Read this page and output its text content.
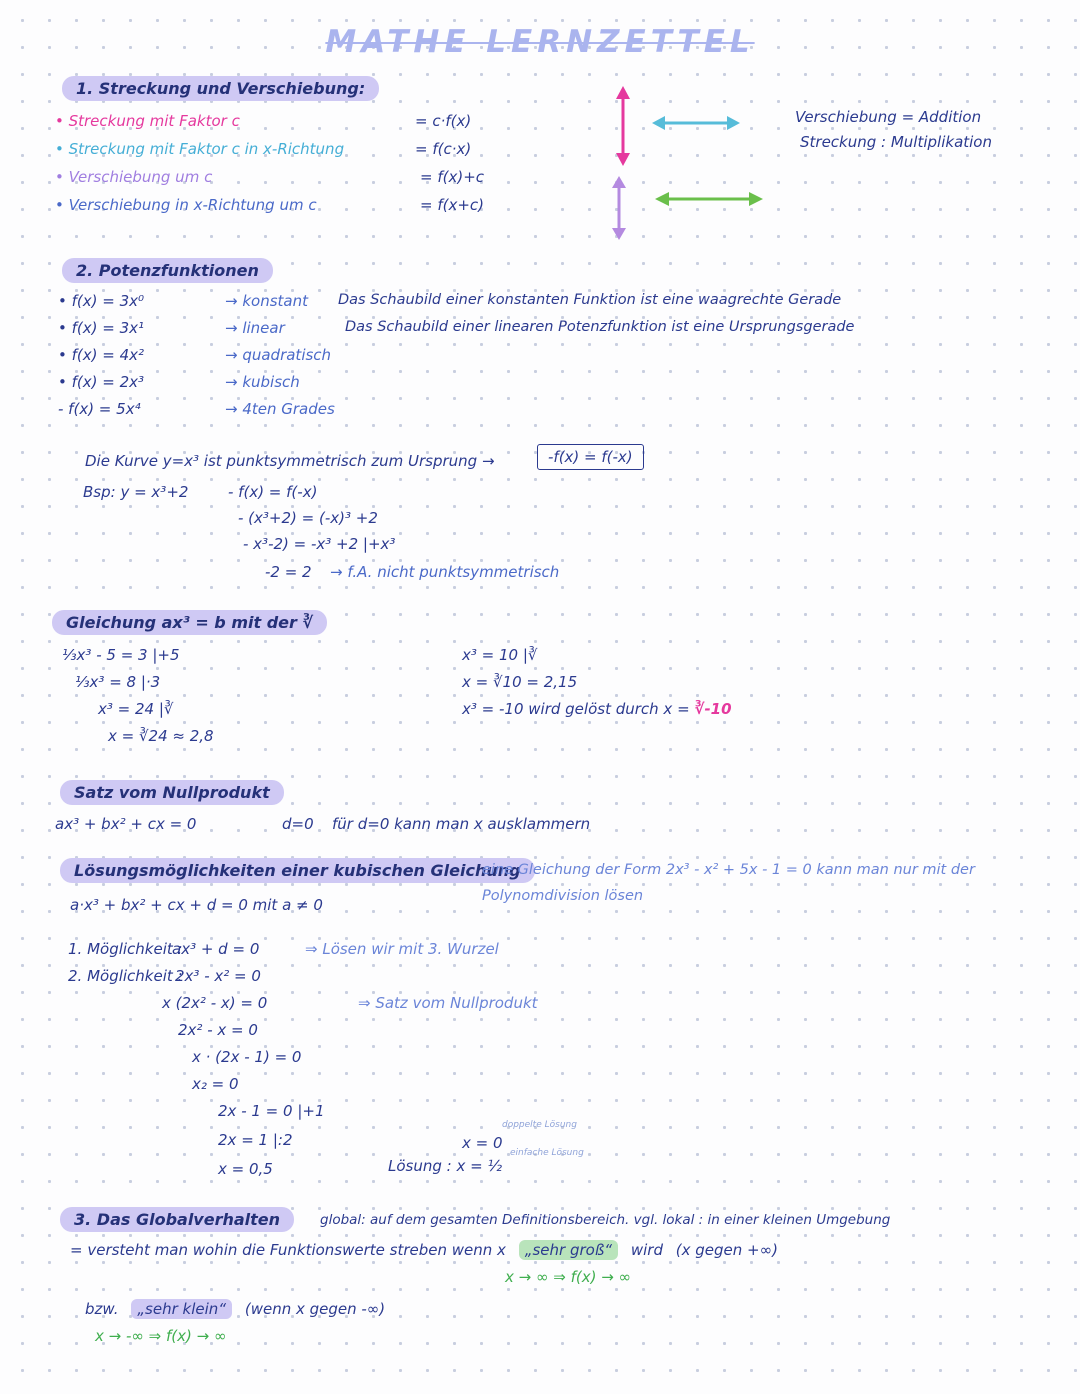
MATHE LERNZETTEL
1. Streckung und Verschiebung:
• Streckung mit Faktor c	= c·f(x)
• Streckung mit Faktor c in x-Richtung	= f(c·x)
• Verschiebung um c	= f(x)+c
• Verschiebung in x-Richtung um c	= f(x+c)
Verschiebung = Addition
Streckung : Multiplikation
2. Potenzfunktionen
• f(x) = 3x⁰	→ konstant Das Schaubild einer konstanten Funktion ist eine waagrechte Gerade
• f(x) = 3x¹	→ linear	Das Schaubild einer linearen Potenzfunktion ist eine Ursprungsgerade
• f(x) = 4x²	→ quadratisch
• f(x) = 2x³	→ kubisch
- f(x) = 5x⁴	→ 4ten Grades
Die Kurve y=x³ ist punktsymmetrisch zum Ursprung →	-f(x) = f(-x)
Bsp: y = x³+2	- f(x) = f(-x)
- (x³+2) = (-x)³ +2
- x³-2) = -x³ +2 |+x³
-2 = 2 → f.A. nicht punktsymmetrisch
Gleichung ax³ = b mit der ∛
⅓x³ - 5 = 3 |+5
⅓x³ = 8 |·3
x³ = 24 |∛
x = ∛24 ≈ 2,8
x³ = 10 |∛
x = ∛10 = 2,15
x³ = -10 wird gelöst durch x = ∛-10
Satz vom Nullprodukt
ax³ + bx² + cx = 0	d=0 für d=0 kann man x ausklammern
Lösungsmöglichkeiten einer kubischen Gleichung
eine Gleichung der Form 2x³ - x² + 5x - 1 = 0 kann man nur mit der
Polynomdivision lösen
a·x³ + bx² + cx + d = 0 mit a ≠ 0
1. Möglichkeit :
ax³ + d = 0	⇒ Lösen wir mit 3. Wurzel
2. Möglichkeit :
2x³ - x² = 0
x (2x² - x) = 0	⇒ Satz vom Nullprodukt
2x² - x = 0
x · (2x - 1) = 0
x₂ = 0
2x - 1 = 0 |+1
2x = 1 |:2
x = 0,5
x = 0
doppelte Lösung
Lösung : x = ½
einfache Lösung
3. Das Globalverhalten	global: auf dem gesamten Definitionsbereich. vgl. lokal : in einer kleinen Umgebung
= versteht man wohin die Funktionswerte streben wenn x „sehr groß“ wird (x gegen +∞)
x → ∞ ⇒ f(x) → ∞
bzw. „sehr klein“ (wenn x gegen -∞)
x → -∞ ⇒ f(x) → ∞
